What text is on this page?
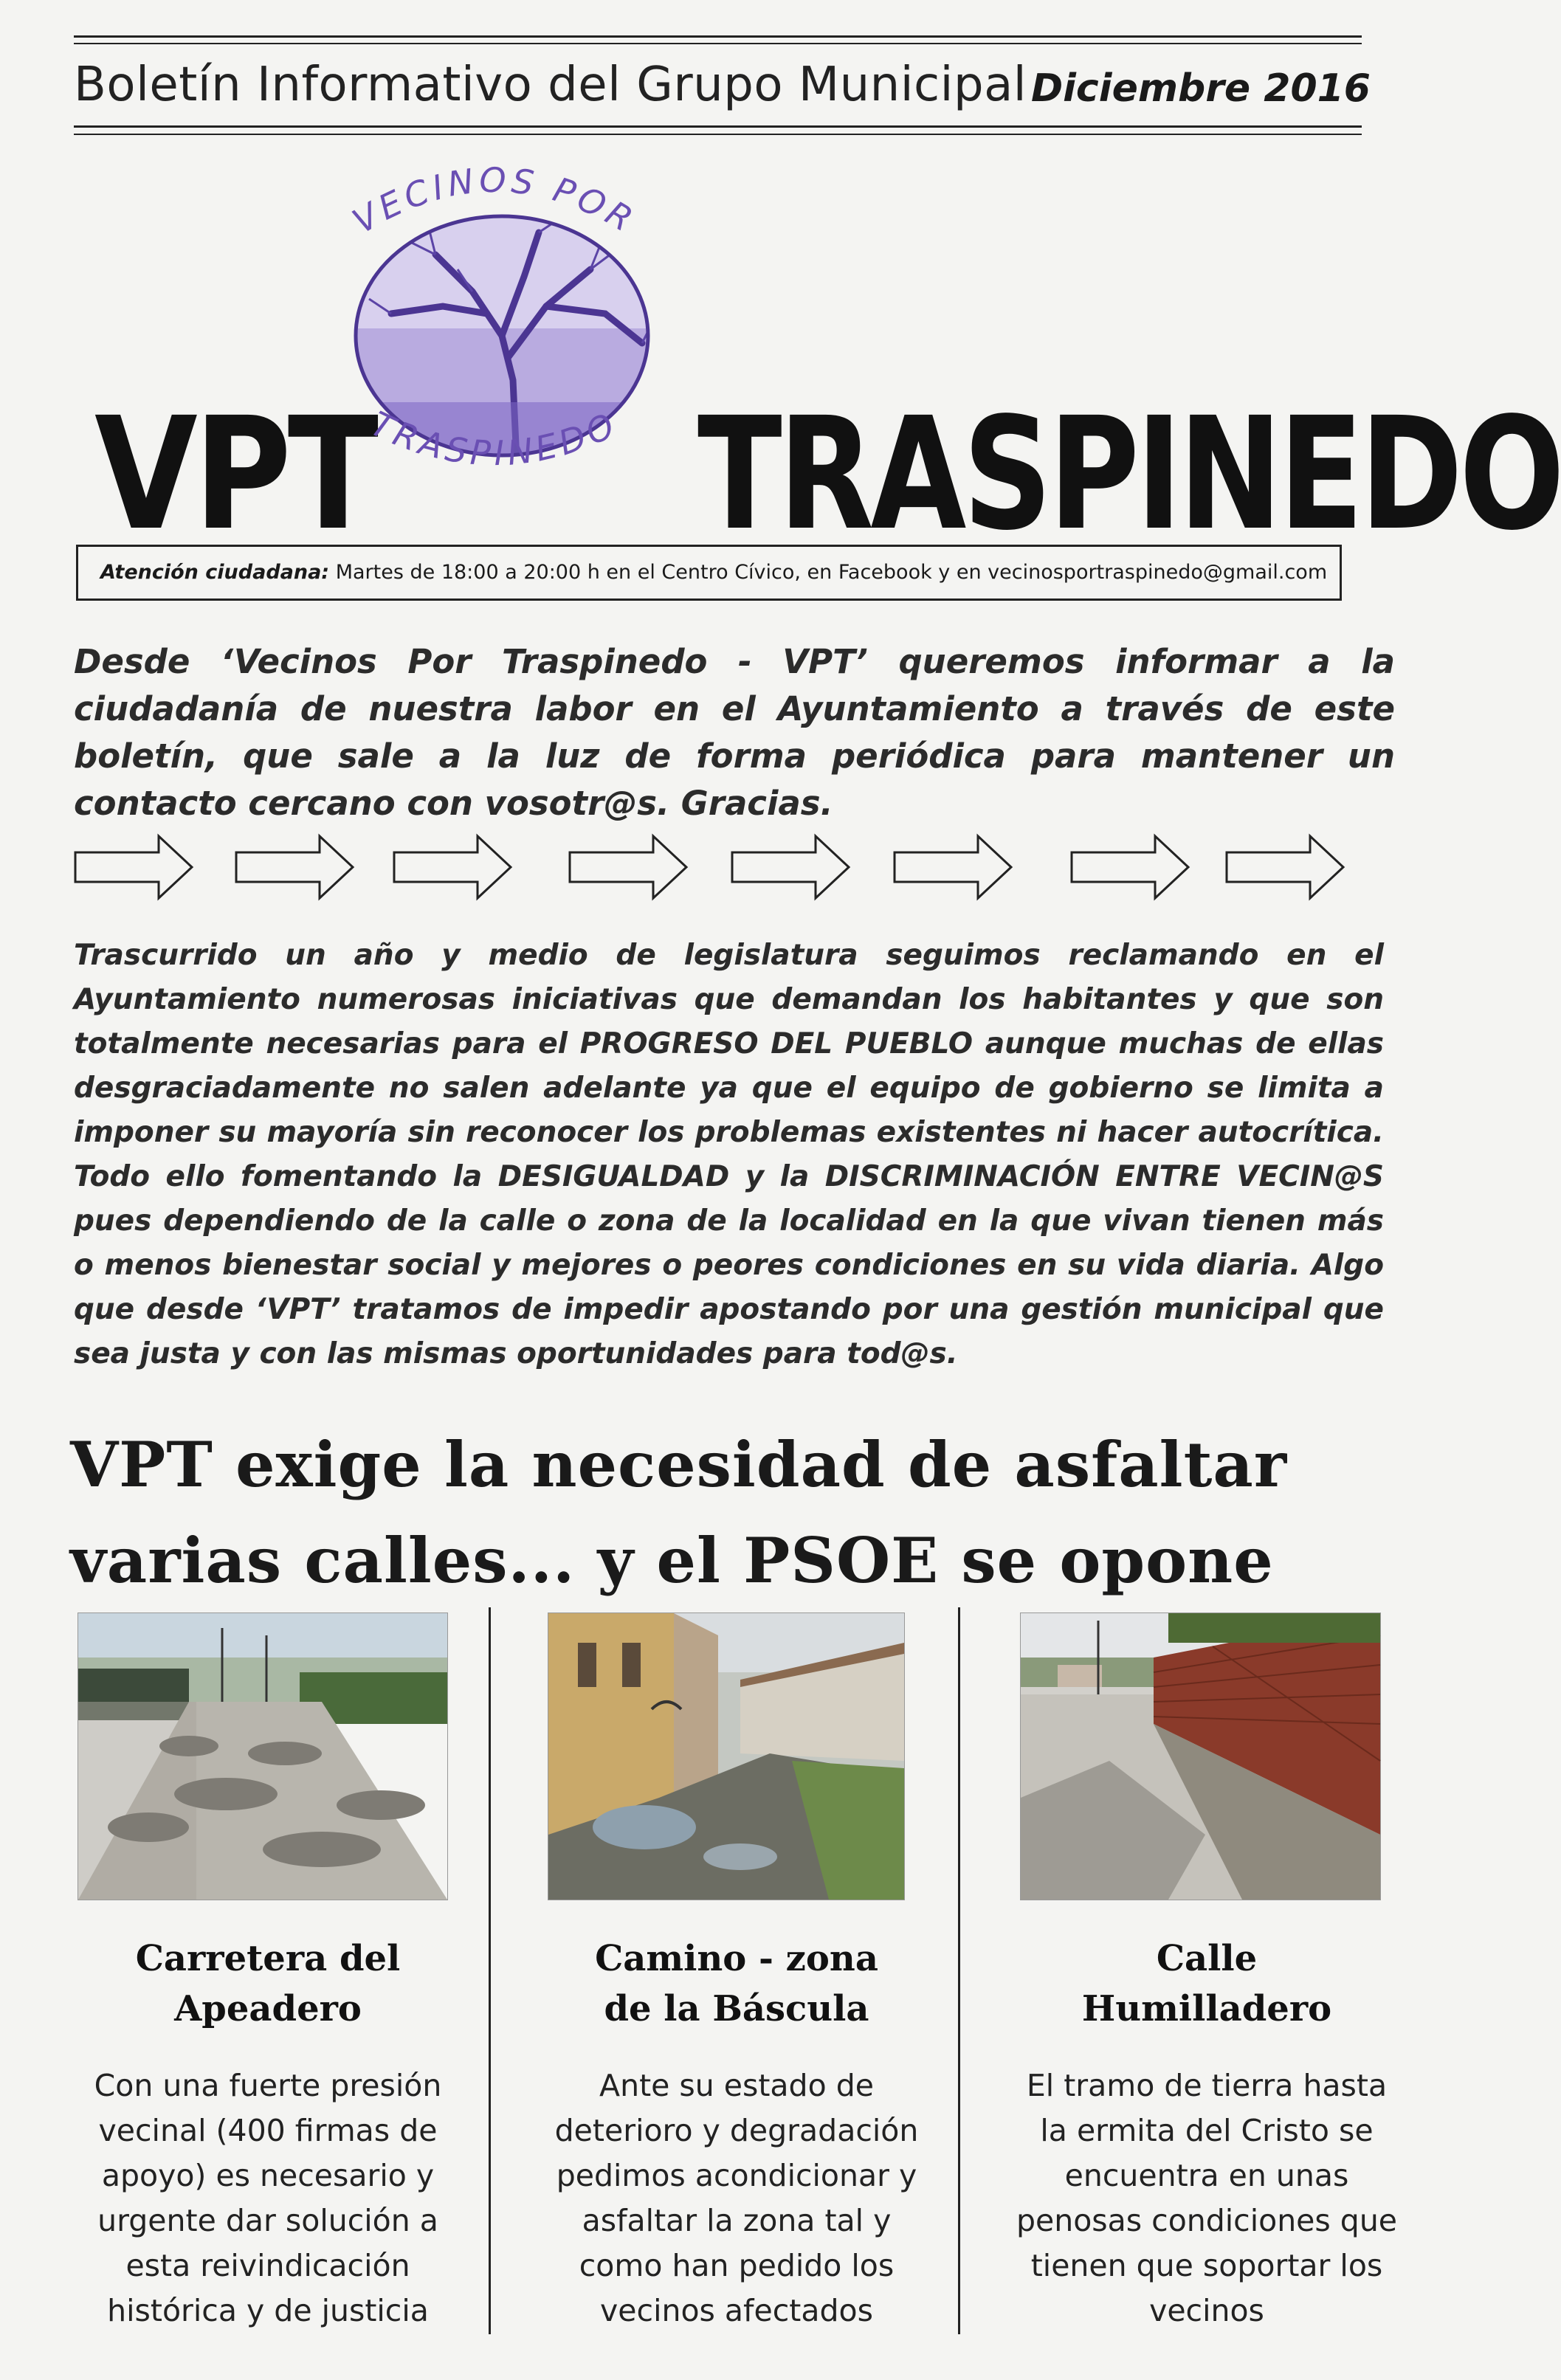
Boletín Informativo del Grupo Municipal Diciembre 2016
VPT TRASPINEDO
VECINOS POR
TRASPINEDO
Atención ciudadana: Martes de 18:00 a 20:00 h en el Centro Cívico, en Facebook y en vecinosportraspinedo@gmail.com
Desde ‘Vecinos Por Traspinedo - VPT’ queremos informar a la ciudadanía de nuestra labor en el Ayuntamiento a través de este boletín, que sale a la luz de forma periódica para mantener un contacto cercano con vosotr@s. Gracias.
Trascurrido un año y medio de legislatura seguimos reclamando en el Ayuntamiento numerosas iniciativas que demandan los habitantes y que son totalmente necesarias para el PROGRESO DEL PUEBLO aunque muchas de ellas desgraciadamente no salen adelante ya que el equipo de gobierno se limita a imponer su mayoría sin reconocer los problemas existentes ni hacer autocrítica. Todo ello fomentando la DESIGUALDAD y la DISCRIMINACIÓN ENTRE VECIN@S pues dependiendo de la calle o zona de la localidad en la que vivan tienen más o menos bienestar social y mejores o peores condiciones en su vida diaria. Algo que desde ‘VPT’ tratamos de impedir apostando por una gestión municipal que sea justa y con las mismas oportunidades para tod@s.
VPT exige la necesidad de asfaltar
varias calles... y el PSOE se opone
Carretera del
Apeadero
Con una fuerte presión vecinal (400 firmas de apoyo) es necesario y urgente dar solución a esta reivindicación histórica y de justicia
Camino - zona
de la Báscula
Ante su estado de deterioro y degradación pedimos acondicionar y asfaltar la zona tal y como han pedido los vecinos afectados
Calle
Humilladero
El tramo de tierra hasta la ermita del Cristo se encuentra en unas penosas condiciones que tienen que soportar los vecinos
